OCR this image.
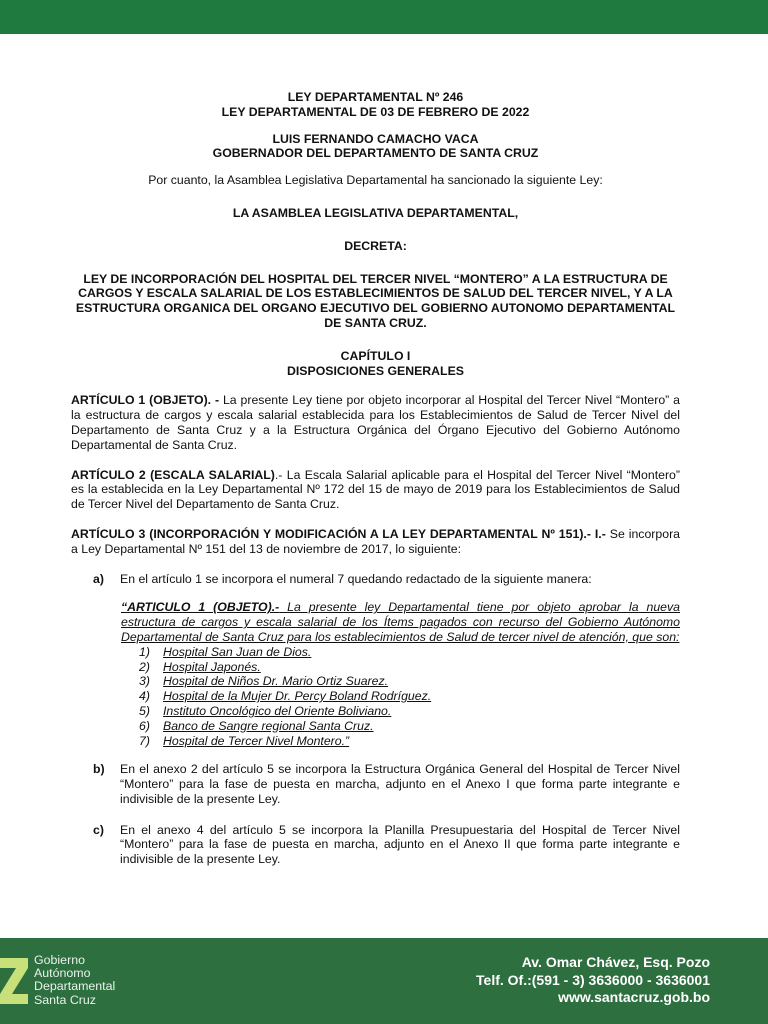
LEY DEPARTAMENTAL Nº 246
LEY DEPARTAMENTAL DE 03 DE FEBRERO DE 2022
LUIS FERNANDO CAMACHO VACA
GOBERNADOR DEL DEPARTAMENTO DE SANTA CRUZ
Por cuanto, la Asamblea Legislativa Departamental ha sancionado la siguiente Ley:
LA ASAMBLEA LEGISLATIVA DEPARTAMENTAL,
DECRETA:
LEY DE INCORPORACIÓN DEL HOSPITAL DEL TERCER NIVEL “MONTERO” A LA ESTRUCTURA DE CARGOS Y ESCALA SALARIAL DE LOS ESTABLECIMIENTOS DE SALUD DEL TERCER NIVEL, Y A LA ESTRUCTURA ORGANICA DEL ORGANO EJECUTIVO DEL GOBIERNO AUTONOMO DEPARTAMENTAL DE SANTA CRUZ.
CAPÍTULO I
DISPOSICIONES GENERALES
ARTÍCULO 1 (OBJETO). - La presente Ley tiene por objeto incorporar al Hospital del Tercer Nivel “Montero” a la estructura de cargos y escala salarial establecida para los Establecimientos de Salud de Tercer Nivel del Departamento de Santa Cruz y a la Estructura Orgánica del Órgano Ejecutivo del Gobierno Autónomo Departamental de Santa Cruz.
ARTÍCULO 2 (ESCALA SALARIAL).- La Escala Salarial aplicable para el Hospital del Tercer Nivel “Montero” es la establecida en la Ley Departamental Nº 172 del 15 de mayo de 2019 para los Establecimientos de Salud de Tercer Nivel del Departamento de Santa Cruz.
ARTÍCULO 3 (INCORPORACIÓN Y MODIFICACIÓN A LA LEY DEPARTAMENTAL Nº 151).- I.- Se incorpora a Ley Departamental Nº 151 del 13 de noviembre de 2017, lo siguiente:
a)	En el artículo 1 se incorpora el numeral 7 quedando redactado de la siguiente manera:
“ARTICULO 1 (OBJETO).- La presente ley Departamental tiene por objeto aprobar la nueva estructura de cargos y escala salarial de los Ítems pagados con recurso del Gobierno Autónomo Departamental de Santa Cruz para los establecimientos de Salud de tercer nivel de atención, que son:
1)	Hospital San Juan de Dios.
2)	Hospital Japonés.
3)	Hospital de Niños Dr. Mario Ortiz Suarez.
4)	Hospital de la Mujer Dr. Percy Boland Rodríguez.
5)	Instituto Oncológico del Oriente Boliviano.
6)	Banco de Sangre regional Santa Cruz.
7)	Hospital de Tercer Nivel Montero.”
b)	En el anexo 2 del artículo 5 se incorpora la Estructura Orgánica General del Hospital de Tercer Nivel “Montero” para la fase de puesta en marcha, adjunto en el Anexo I que forma parte integrante e indivisible de la presente Ley.
c)	En el anexo 4 del artículo 5 se incorpora la Planilla Presupuestaria del Hospital de Tercer Nivel “Montero” para la fase de puesta en marcha, adjunto en el Anexo II que forma parte integrante e indivisible de la presente Ley.
Gobierno
Autónomo
Departamental
Santa Cruz
Av. Omar Chávez, Esq. Pozo
Telf. Of.:(591 - 3) 3636000 - 3636001
www.santacruz.gob.bo
